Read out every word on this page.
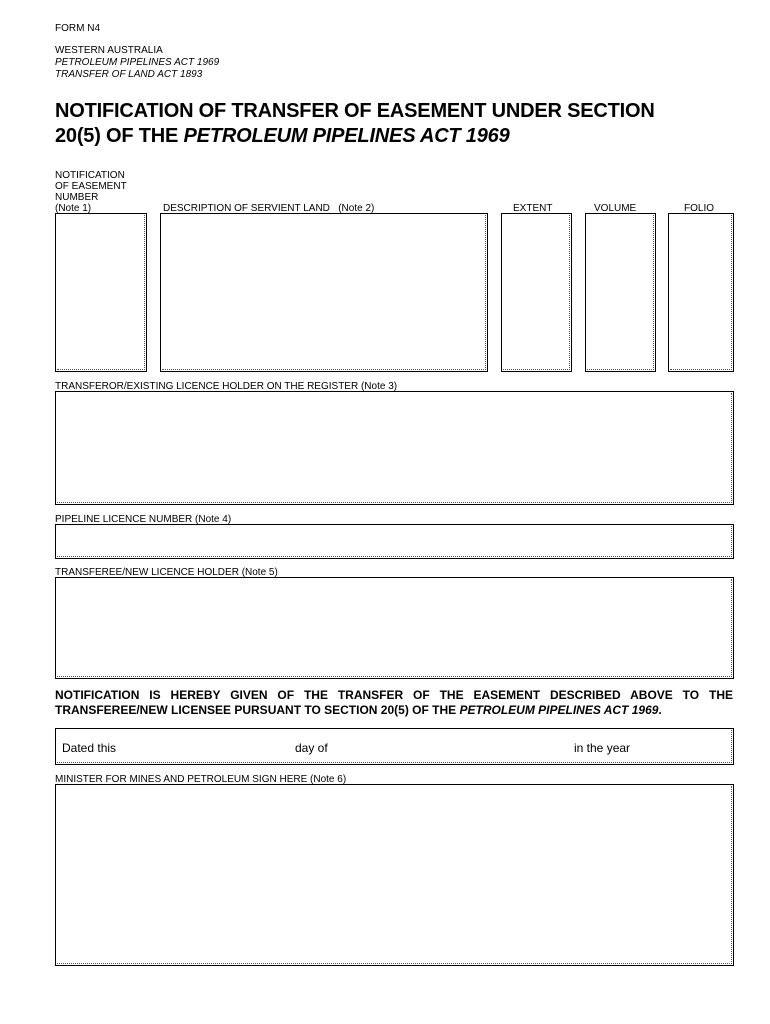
FORM N4
WESTERN AUSTRALIA
PETROLEUM PIPELINES ACT 1969
TRANSFER OF LAND ACT 1893
NOTIFICATION OF TRANSFER OF EASEMENT UNDER SECTION
20(5) OF THE PETROLEUM PIPELINES ACT 1969
NOTIFICATION
OF EASEMENT
NUMBER
(Note 1)	DESCRIPTION OF SERVIENT LAND   (Note 2)	EXTENT	VOLUME	FOLIO
TRANSFEROR/EXISTING LICENCE HOLDER ON THE REGISTER (Note 3)
PIPELINE LICENCE NUMBER (Note 4)
TRANSFEREE/NEW LICENCE HOLDER (Note 5)
NOTIFICATION IS HEREBY GIVEN OF THE TRANSFER OF THE EASEMENT DESCRIBED ABOVE TO THE TRANSFEREE/NEW LICENSEE PURSUANT TO SECTION 20(5) OF THE PETROLEUM PIPELINES ACT 1969.
Dated this	day of	in the year
MINISTER FOR MINES AND PETROLEUM SIGN HERE (Note 6)
